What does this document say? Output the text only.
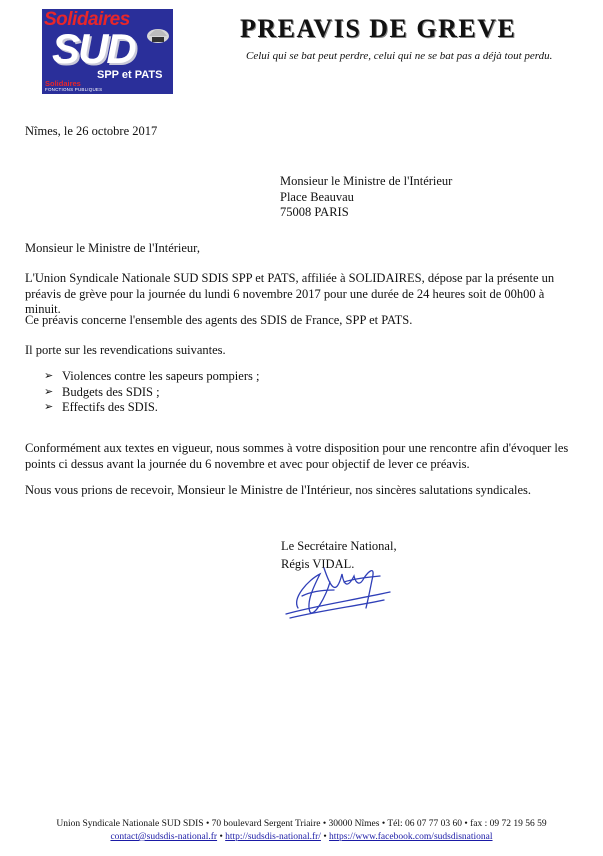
Solidaires
SUD
SPP et PATS
Solidaires
FONCTIONS PUBLIQUES
PREAVIS DE GREVE
Celui qui se bat peut perdre, celui qui ne se bat pas a déjà tout perdu.
Nîmes, le 26 octobre 2017
Monsieur le Ministre de l'Intérieur
Place Beauvau
75008 PARIS
Monsieur le Ministre de l'Intérieur,
L'Union Syndicale Nationale SUD SDIS SPP et PATS, affiliée à SOLIDAIRES, dépose par la présente un préavis de grève pour la journée du lundi 6 novembre 2017 pour une durée de 24 heures soit de 00h00 à minuit.
Ce préavis concerne l'ensemble des agents des SDIS de France, SPP et PATS.
Il porte sur les revendications suivantes.
➢ Violences contre les sapeurs pompiers ;
➢ Budgets des SDIS ;
➢ Effectifs des SDIS.
Conformément aux textes en vigueur, nous sommes à votre disposition pour une rencontre afin d'évoquer les points ci dessus avant la journée du 6 novembre et avec pour objectif de lever ce préavis.
Nous vous prions de recevoir, Monsieur le Ministre de l'Intérieur, nos sincères salutations syndicales.
Le Secrétaire National,
Régis VIDAL.
Union Syndicale Nationale SUD SDIS • 70 boulevard Sergent Triaire • 30000 Nîmes • Tél: 06 07 77 03 60 • fax : 09 72 19 56 59
contact@sudsdis-national.fr • http://sudsdis-national.fr/ • https://www.facebook.com/sudsdisnational
